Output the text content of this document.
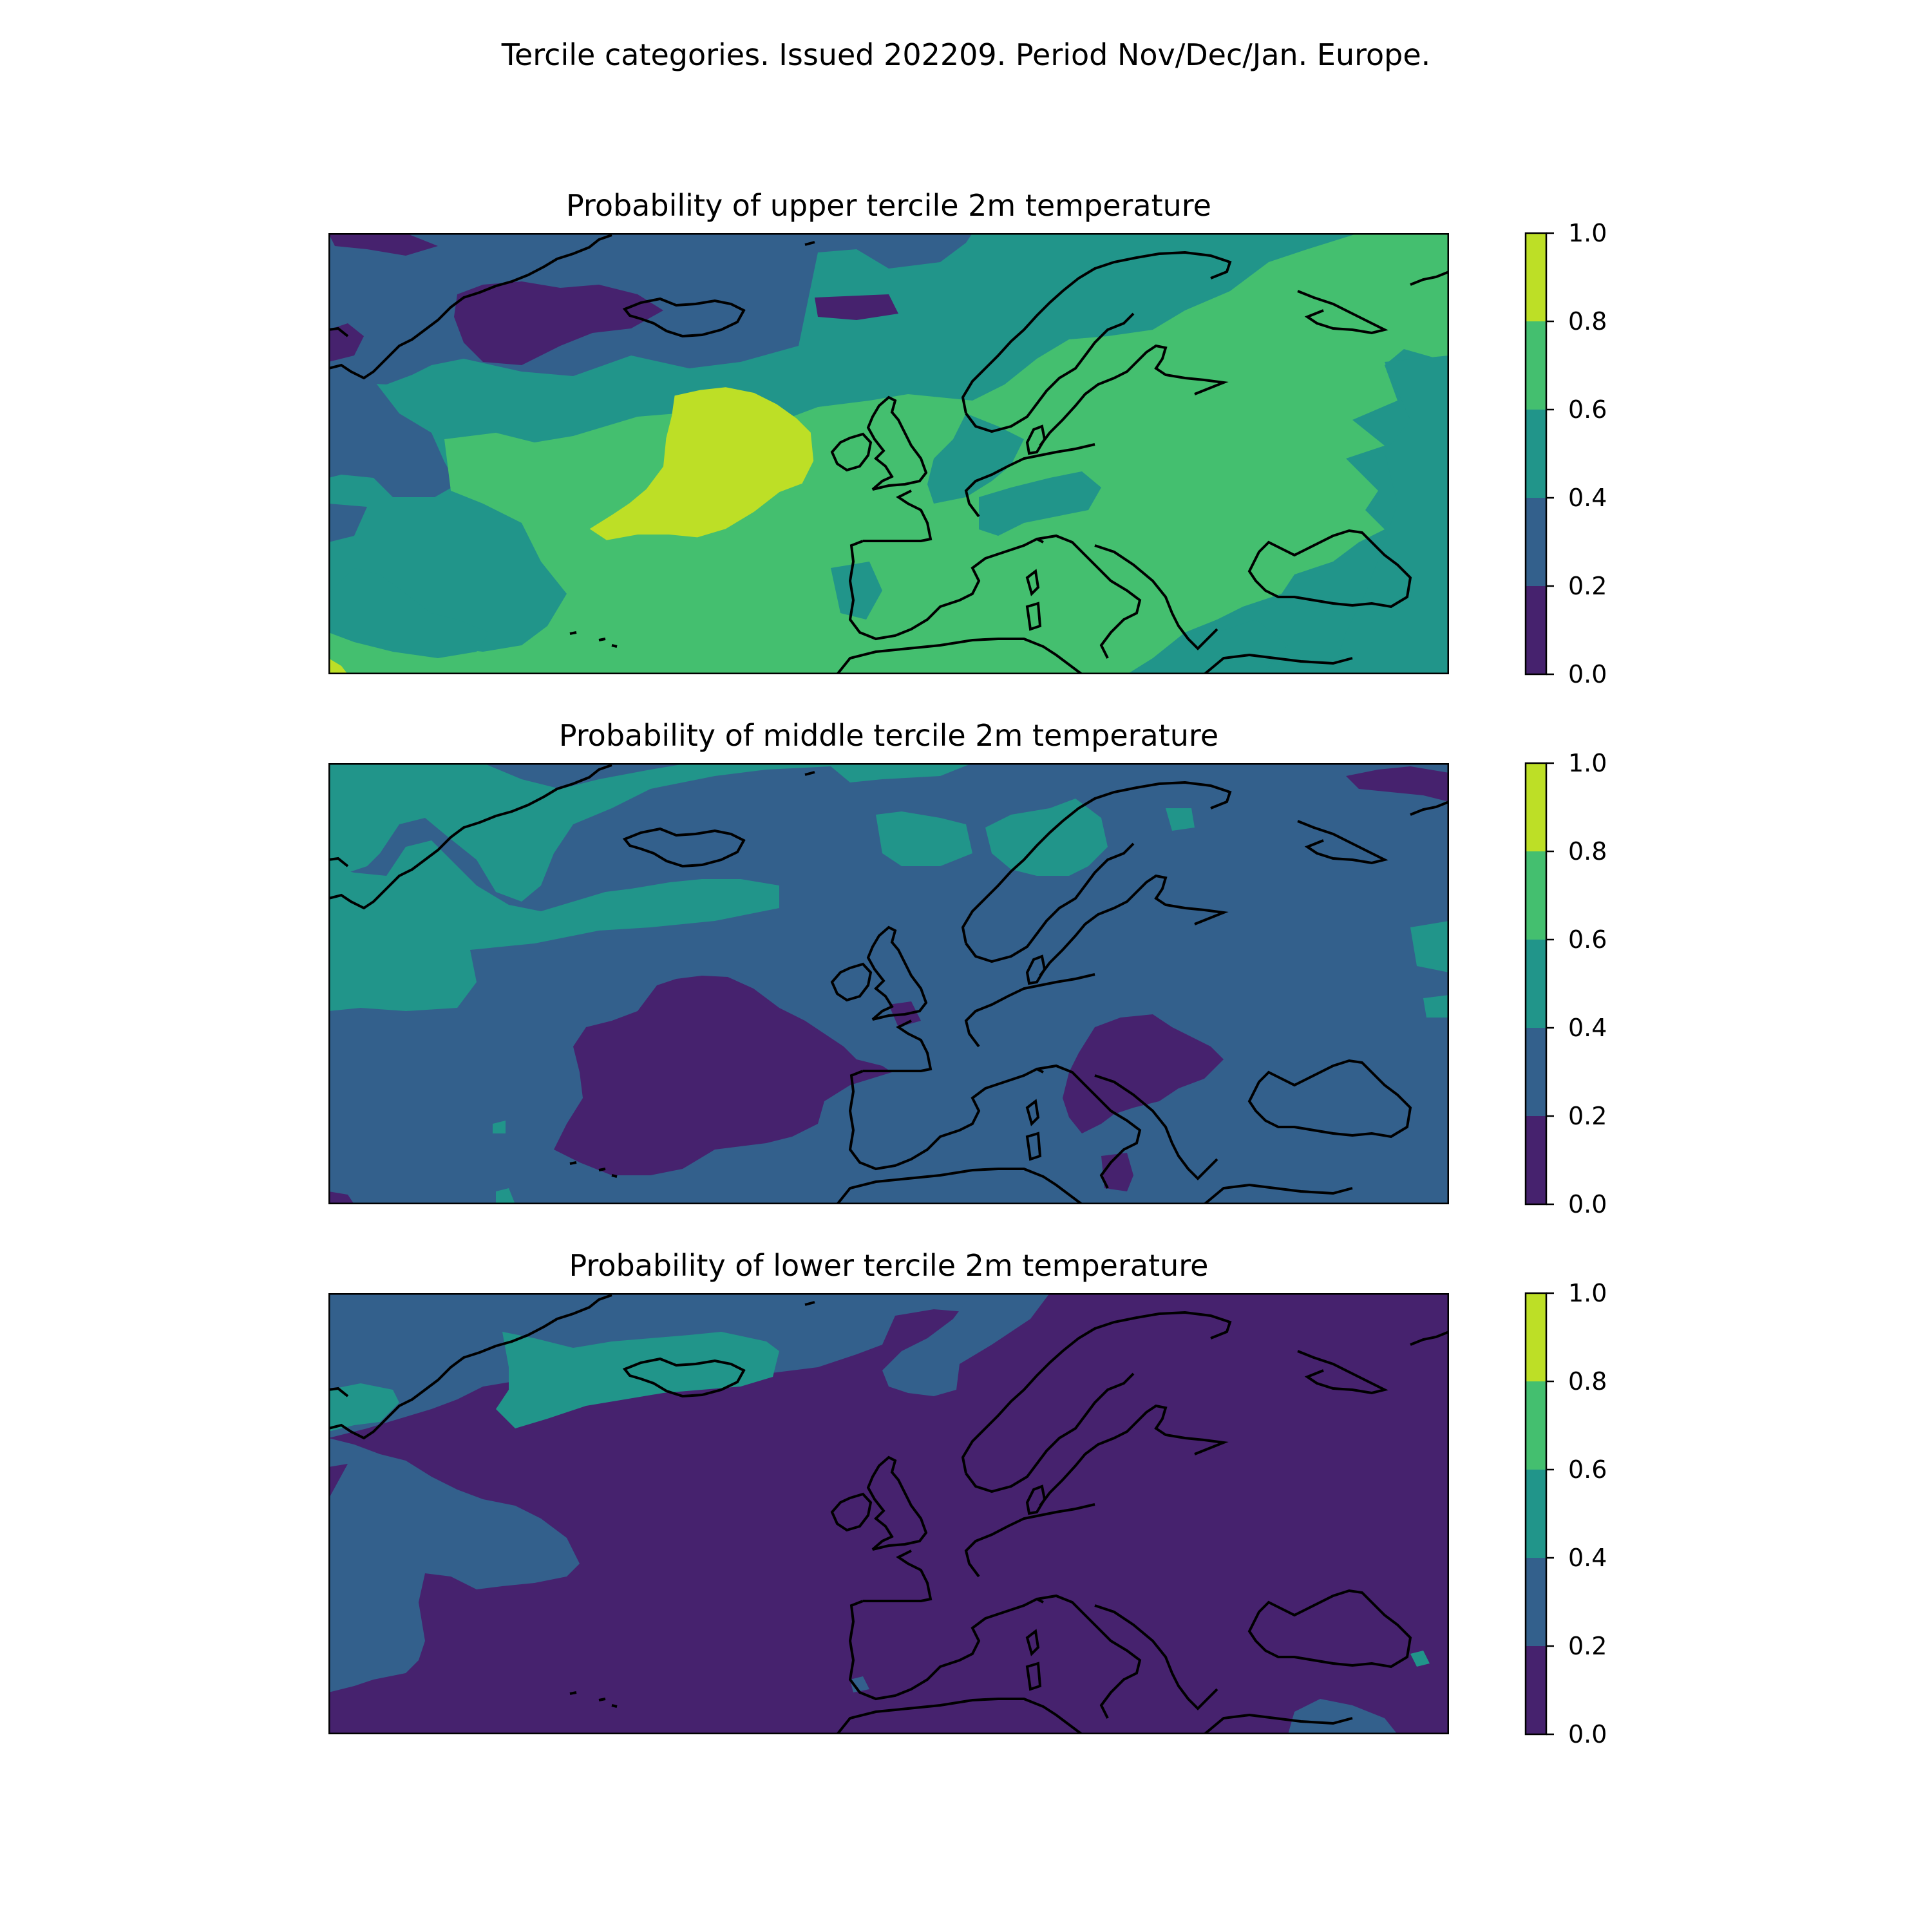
Tercile categories. Issued 202209. Period Nov/Dec/Jan. Europe.
Probability of upper tercile 2m temperature
0.0
0.2
0.4
0.6
0.8
1.0
Probability of middle tercile 2m temperature
0.0
0.2
0.4
0.6
0.8
1.0
Probability of lower tercile 2m temperature
0.0
0.2
0.4
0.6
0.8
1.0
